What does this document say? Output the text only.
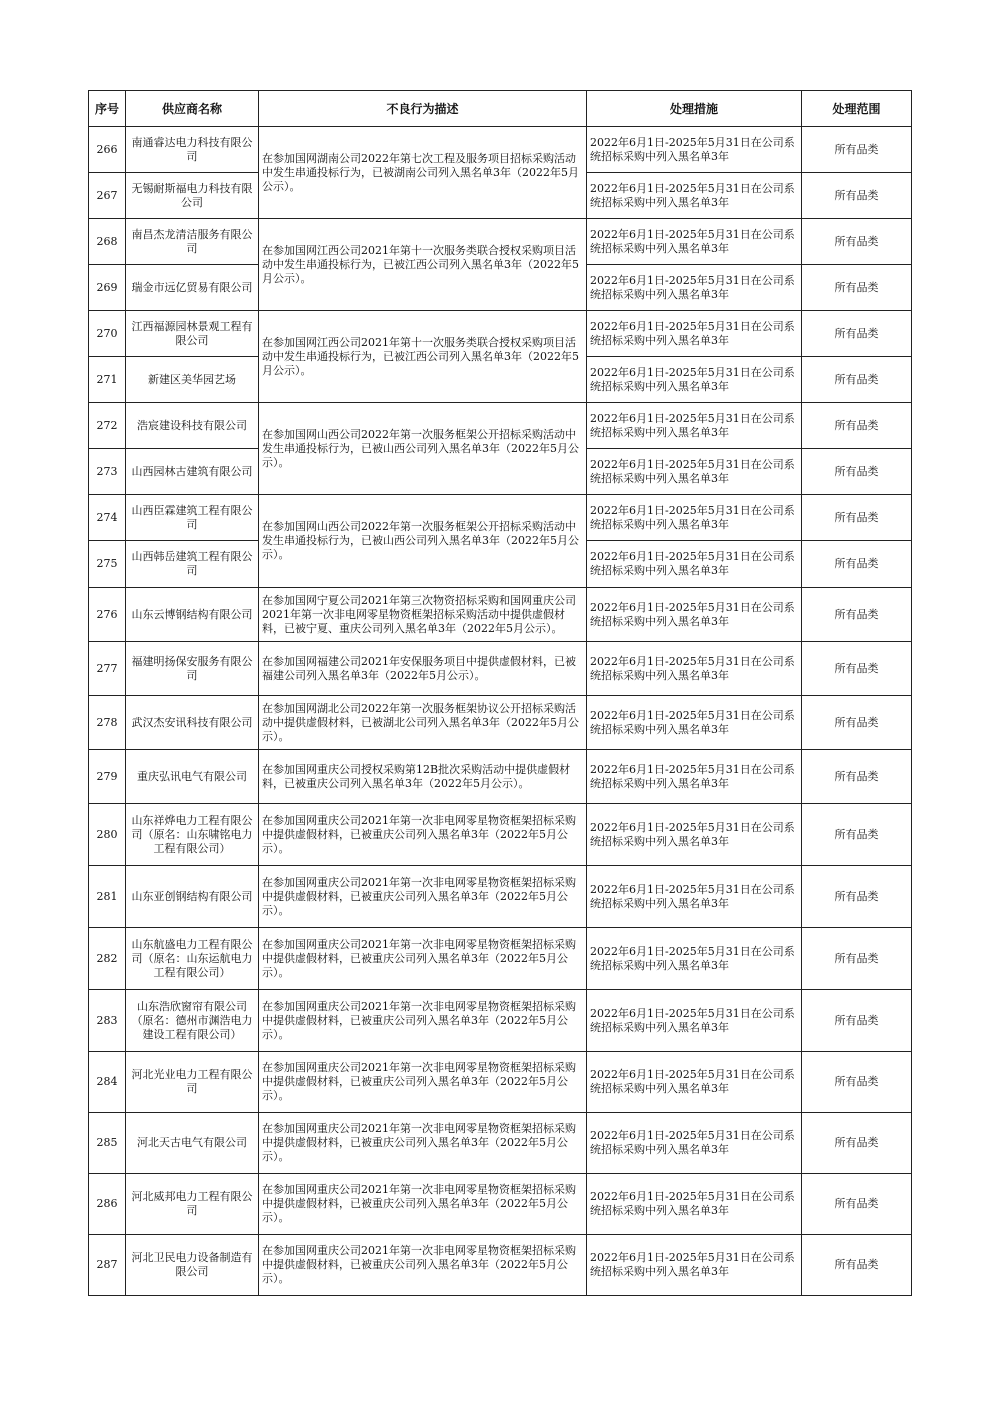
序号	供应商名称	不良行为描述	处理措施	处理范围
266	南通睿达电力科技有限公司	在参加国网湖南公司2022年第七次工程及服务项目招标采购活动中发生串通投标行为，已被湖南公司列入黑名单3年（2022年5月公示）。	2022年6月1日-2025年5月31日在公司系统招标采购中列入黑名单3年	所有品类
267	无锡耐斯福电力科技有限公司		2022年6月1日-2025年5月31日在公司系统招标采购中列入黑名单3年	所有品类
268	南昌杰龙清洁服务有限公司	在参加国网江西公司2021年第十一次服务类联合授权采购项目活动中发生串通投标行为，已被江西公司列入黑名单3年（2022年5月公示）。	2022年6月1日-2025年5月31日在公司系统招标采购中列入黑名单3年	所有品类
269	瑞金市远亿贸易有限公司		2022年6月1日-2025年5月31日在公司系统招标采购中列入黑名单3年	所有品类
270	江西福源园林景观工程有限公司	在参加国网江西公司2021年第十一次服务类联合授权采购项目活动中发生串通投标行为，已被江西公司列入黑名单3年（2022年5月公示）。	2022年6月1日-2025年5月31日在公司系统招标采购中列入黑名单3年	所有品类
271	新建区美华园艺场		2022年6月1日-2025年5月31日在公司系统招标采购中列入黑名单3年	所有品类
272	浩宸建设科技有限公司	在参加国网山西公司2022年第一次服务框架公开招标采购活动中发生串通投标行为，已被山西公司列入黑名单3年（2022年5月公示）。	2022年6月1日-2025年5月31日在公司系统招标采购中列入黑名单3年	所有品类
273	山西园林古建筑有限公司		2022年6月1日-2025年5月31日在公司系统招标采购中列入黑名单3年	所有品类
274	山西臣霖建筑工程有限公司	在参加国网山西公司2022年第一次服务框架公开招标采购活动中发生串通投标行为，已被山西公司列入黑名单3年（2022年5月公示）。	2022年6月1日-2025年5月31日在公司系统招标采购中列入黑名单3年	所有品类
275	山西韩岳建筑工程有限公司		2022年6月1日-2025年5月31日在公司系统招标采购中列入黑名单3年	所有品类
276	山东云博钢结构有限公司	在参加国网宁夏公司2021年第三次物资招标采购和国网重庆公司2021年第一次非电网零星物资框架招标采购活动中提供虚假材料，已被宁夏、重庆公司列入黑名单3年（2022年5月公示）。	2022年6月1日-2025年5月31日在公司系统招标采购中列入黑名单3年	所有品类
277	福建明扬保安服务有限公司	在参加国网福建公司2021年安保服务项目中提供虚假材料，已被福建公司列入黑名单3年（2022年5月公示）。	2022年6月1日-2025年5月31日在公司系统招标采购中列入黑名单3年	所有品类
278	武汉杰安讯科技有限公司	在参加国网湖北公司2022年第一次服务框架协议公开招标采购活动中提供虚假材料，已被湖北公司列入黑名单3年（2022年5月公示）。	2022年6月1日-2025年5月31日在公司系统招标采购中列入黑名单3年	所有品类
279	重庆弘讯电气有限公司	在参加国网重庆公司授权采购第12B批次采购活动中提供虚假材料，已被重庆公司列入黑名单3年（2022年5月公示）。	2022年6月1日-2025年5月31日在公司系统招标采购中列入黑名单3年	所有品类
280	山东祥烨电力工程有限公司（原名：山东啸铭电力工程有限公司）	在参加国网重庆公司2021年第一次非电网零星物资框架招标采购中提供虚假材料，已被重庆公司列入黑名单3年（2022年5月公示）。	2022年6月1日-2025年5月31日在公司系统招标采购中列入黑名单3年	所有品类
281	山东亚创钢结构有限公司	在参加国网重庆公司2021年第一次非电网零星物资框架招标采购中提供虚假材料，已被重庆公司列入黑名单3年（2022年5月公示）。	2022年6月1日-2025年5月31日在公司系统招标采购中列入黑名单3年	所有品类
282	山东航盛电力工程有限公司（原名：山东运航电力工程有限公司）	在参加国网重庆公司2021年第一次非电网零星物资框架招标采购中提供虚假材料，已被重庆公司列入黑名单3年（2022年5月公示）。	2022年6月1日-2025年5月31日在公司系统招标采购中列入黑名单3年	所有品类
283	山东浩欣窗帘有限公司（原名：德州市渊浩电力建设工程有限公司）	在参加国网重庆公司2021年第一次非电网零星物资框架招标采购中提供虚假材料，已被重庆公司列入黑名单3年（2022年5月公示）。	2022年6月1日-2025年5月31日在公司系统招标采购中列入黑名单3年	所有品类
284	河北光业电力工程有限公司	在参加国网重庆公司2021年第一次非电网零星物资框架招标采购中提供虚假材料，已被重庆公司列入黑名单3年（2022年5月公示）。	2022年6月1日-2025年5月31日在公司系统招标采购中列入黑名单3年	所有品类
285	河北天古电气有限公司	在参加国网重庆公司2021年第一次非电网零星物资框架招标采购中提供虚假材料，已被重庆公司列入黑名单3年（2022年5月公示）。	2022年6月1日-2025年5月31日在公司系统招标采购中列入黑名单3年	所有品类
286	河北威邦电力工程有限公司	在参加国网重庆公司2021年第一次非电网零星物资框架招标采购中提供虚假材料，已被重庆公司列入黑名单3年（2022年5月公示）。	2022年6月1日-2025年5月31日在公司系统招标采购中列入黑名单3年	所有品类
287	河北卫民电力设备制造有限公司	在参加国网重庆公司2021年第一次非电网零星物资框架招标采购中提供虚假材料，已被重庆公司列入黑名单3年（2022年5月公示）。	2022年6月1日-2025年5月31日在公司系统招标采购中列入黑名单3年	所有品类
